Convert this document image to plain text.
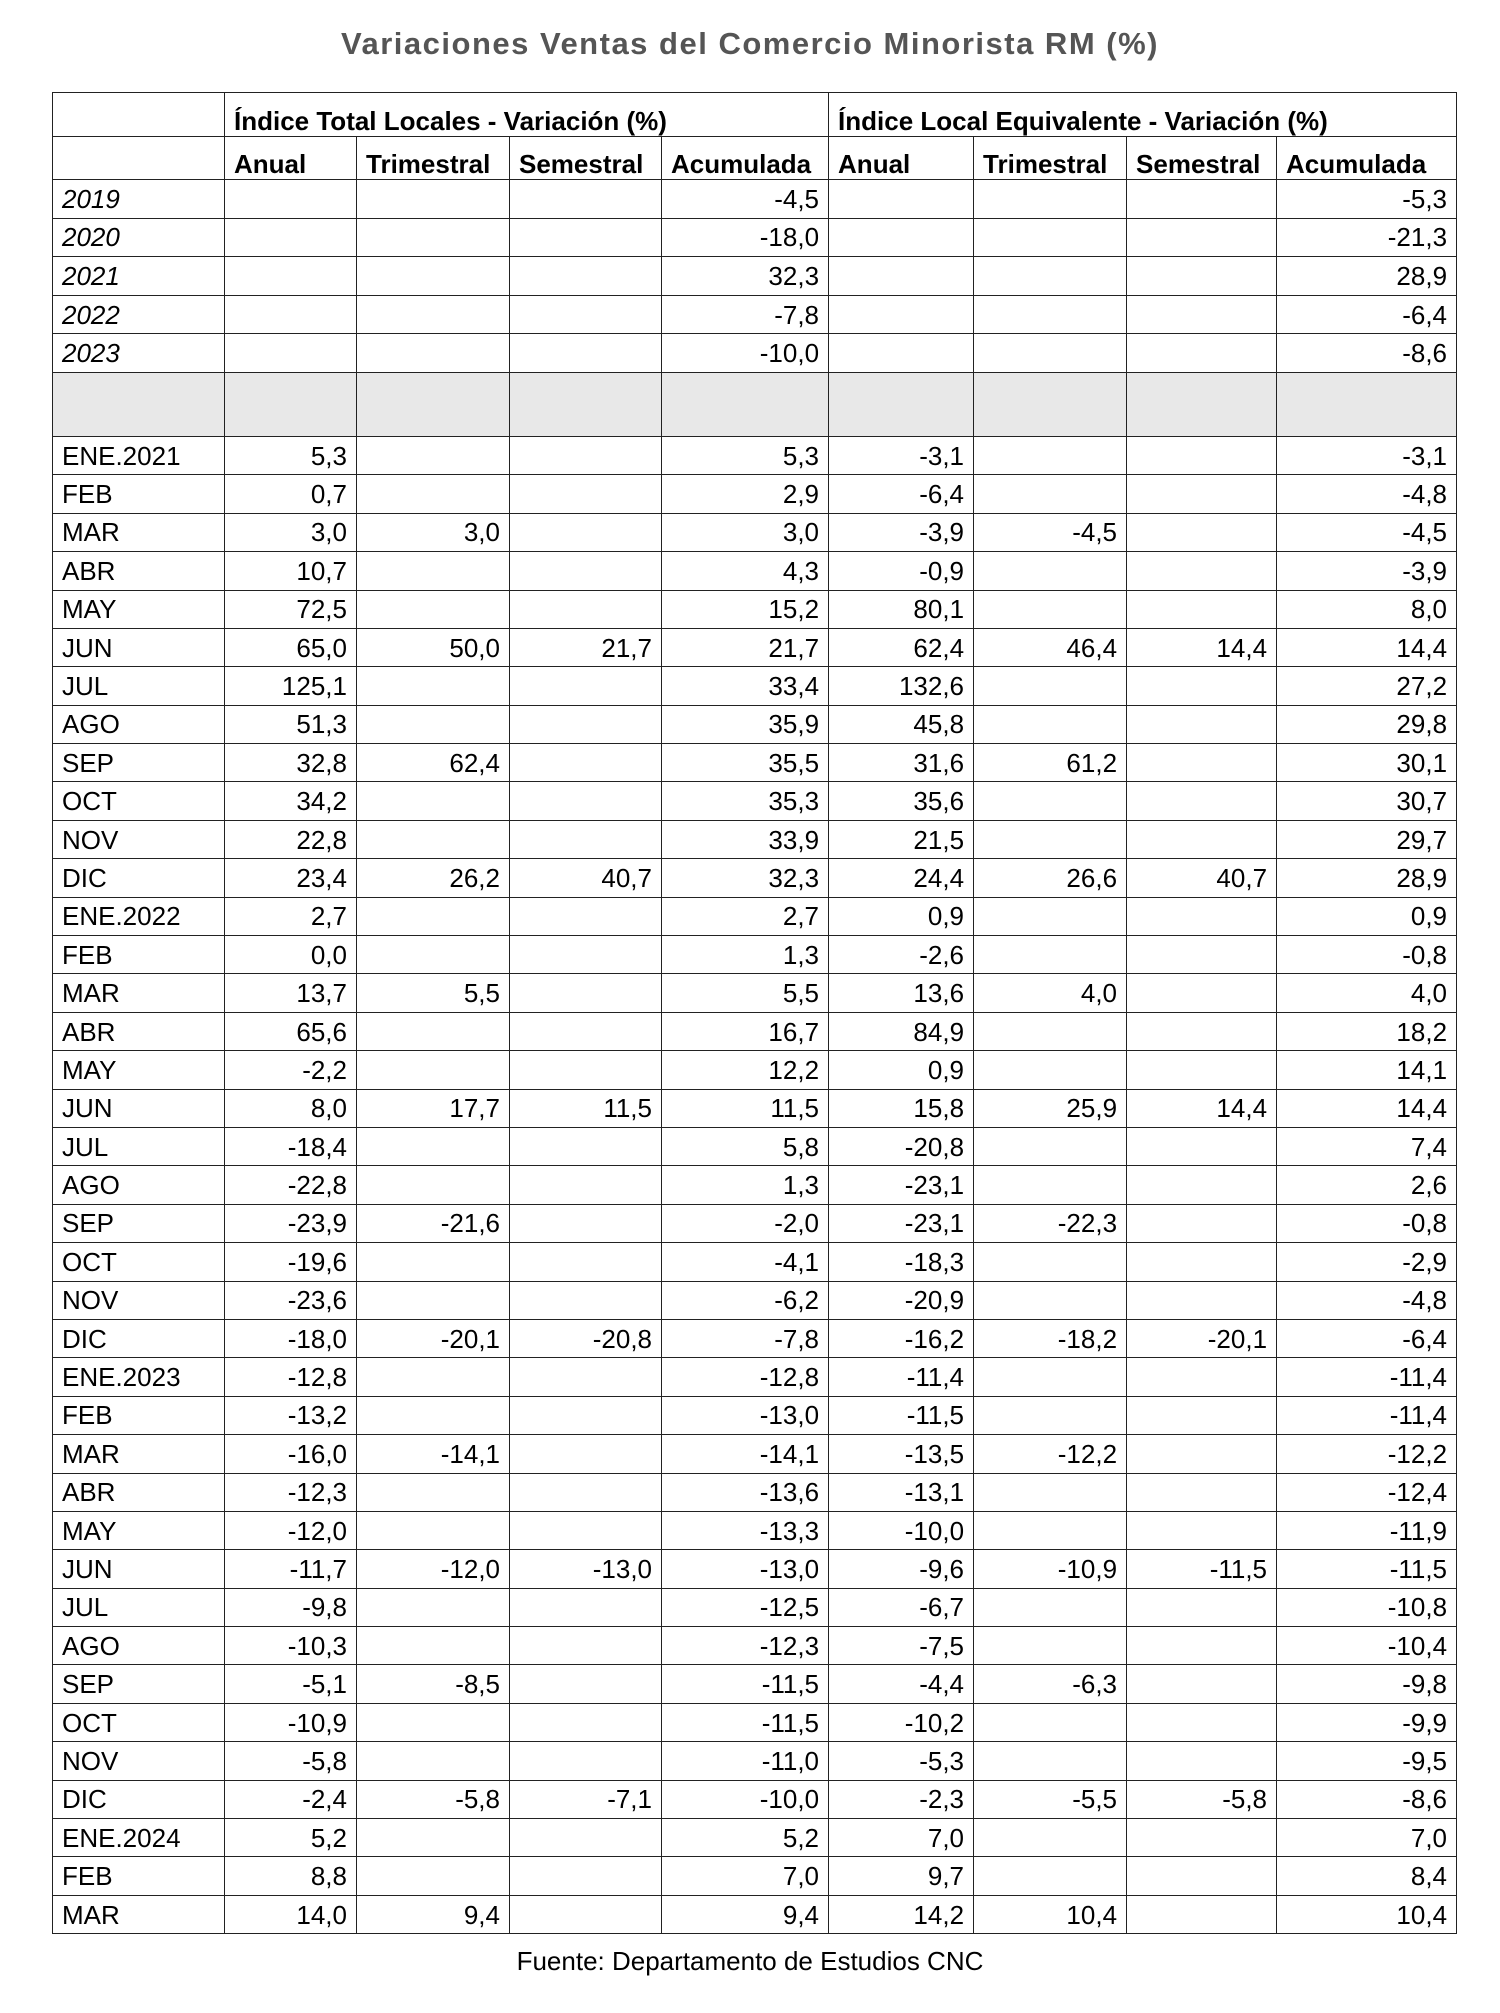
Variaciones Ventas del Comercio Minorista RM (%)
	Índice Total Locales - Variación (%)				Índice Local Equivalente - Variación (%)			
	Anual	Trimestral	Semestral	Acumulada	Anual	Trimestral	Semestral	Acumulada
2019				-4,5				-5,3
2020				-18,0				-21,3
2021				32,3				28,9
2022				-7,8				-6,4
2023				-10,0				-8,6

ENE.2021	5,3			5,3	-3,1			-3,1
FEB	0,7			2,9	-6,4			-4,8
MAR	3,0	3,0		3,0	-3,9	-4,5		-4,5
ABR	10,7			4,3	-0,9			-3,9
MAY	72,5			15,2	80,1			8,0
JUN	65,0	50,0	21,7	21,7	62,4	46,4	14,4	14,4
JUL	125,1			33,4	132,6			27,2
AGO	51,3			35,9	45,8			29,8
SEP	32,8	62,4		35,5	31,6	61,2		30,1
OCT	34,2			35,3	35,6			30,7
NOV	22,8			33,9	21,5			29,7
DIC	23,4	26,2	40,7	32,3	24,4	26,6	40,7	28,9
ENE.2022	2,7			2,7	0,9			0,9
FEB	0,0			1,3	-2,6			-0,8
MAR	13,7	5,5		5,5	13,6	4,0		4,0
ABR	65,6			16,7	84,9			18,2
MAY	-2,2			12,2	0,9			14,1
JUN	8,0	17,7	11,5	11,5	15,8	25,9	14,4	14,4
JUL	-18,4			5,8	-20,8			7,4
AGO	-22,8			1,3	-23,1			2,6
SEP	-23,9	-21,6		-2,0	-23,1	-22,3		-0,8
OCT	-19,6			-4,1	-18,3			-2,9
NOV	-23,6			-6,2	-20,9			-4,8
DIC	-18,0	-20,1	-20,8	-7,8	-16,2	-18,2	-20,1	-6,4
ENE.2023	-12,8			-12,8	-11,4			-11,4
FEB	-13,2			-13,0	-11,5			-11,4
MAR	-16,0	-14,1		-14,1	-13,5	-12,2		-12,2
ABR	-12,3			-13,6	-13,1			-12,4
MAY	-12,0			-13,3	-10,0			-11,9
JUN	-11,7	-12,0	-13,0	-13,0	-9,6	-10,9	-11,5	-11,5
JUL	-9,8			-12,5	-6,7			-10,8
AGO	-10,3			-12,3	-7,5			-10,4
SEP	-5,1	-8,5		-11,5	-4,4	-6,3		-9,8
OCT	-10,9			-11,5	-10,2			-9,9
NOV	-5,8			-11,0	-5,3			-9,5
DIC	-2,4	-5,8	-7,1	-10,0	-2,3	-5,5	-5,8	-8,6
ENE.2024	5,2			5,2	7,0			7,0
FEB	8,8			7,0	9,7			8,4
MAR	14,0	9,4		9,4	14,2	10,4		10,4
Fuente: Departamento de Estudios CNC
